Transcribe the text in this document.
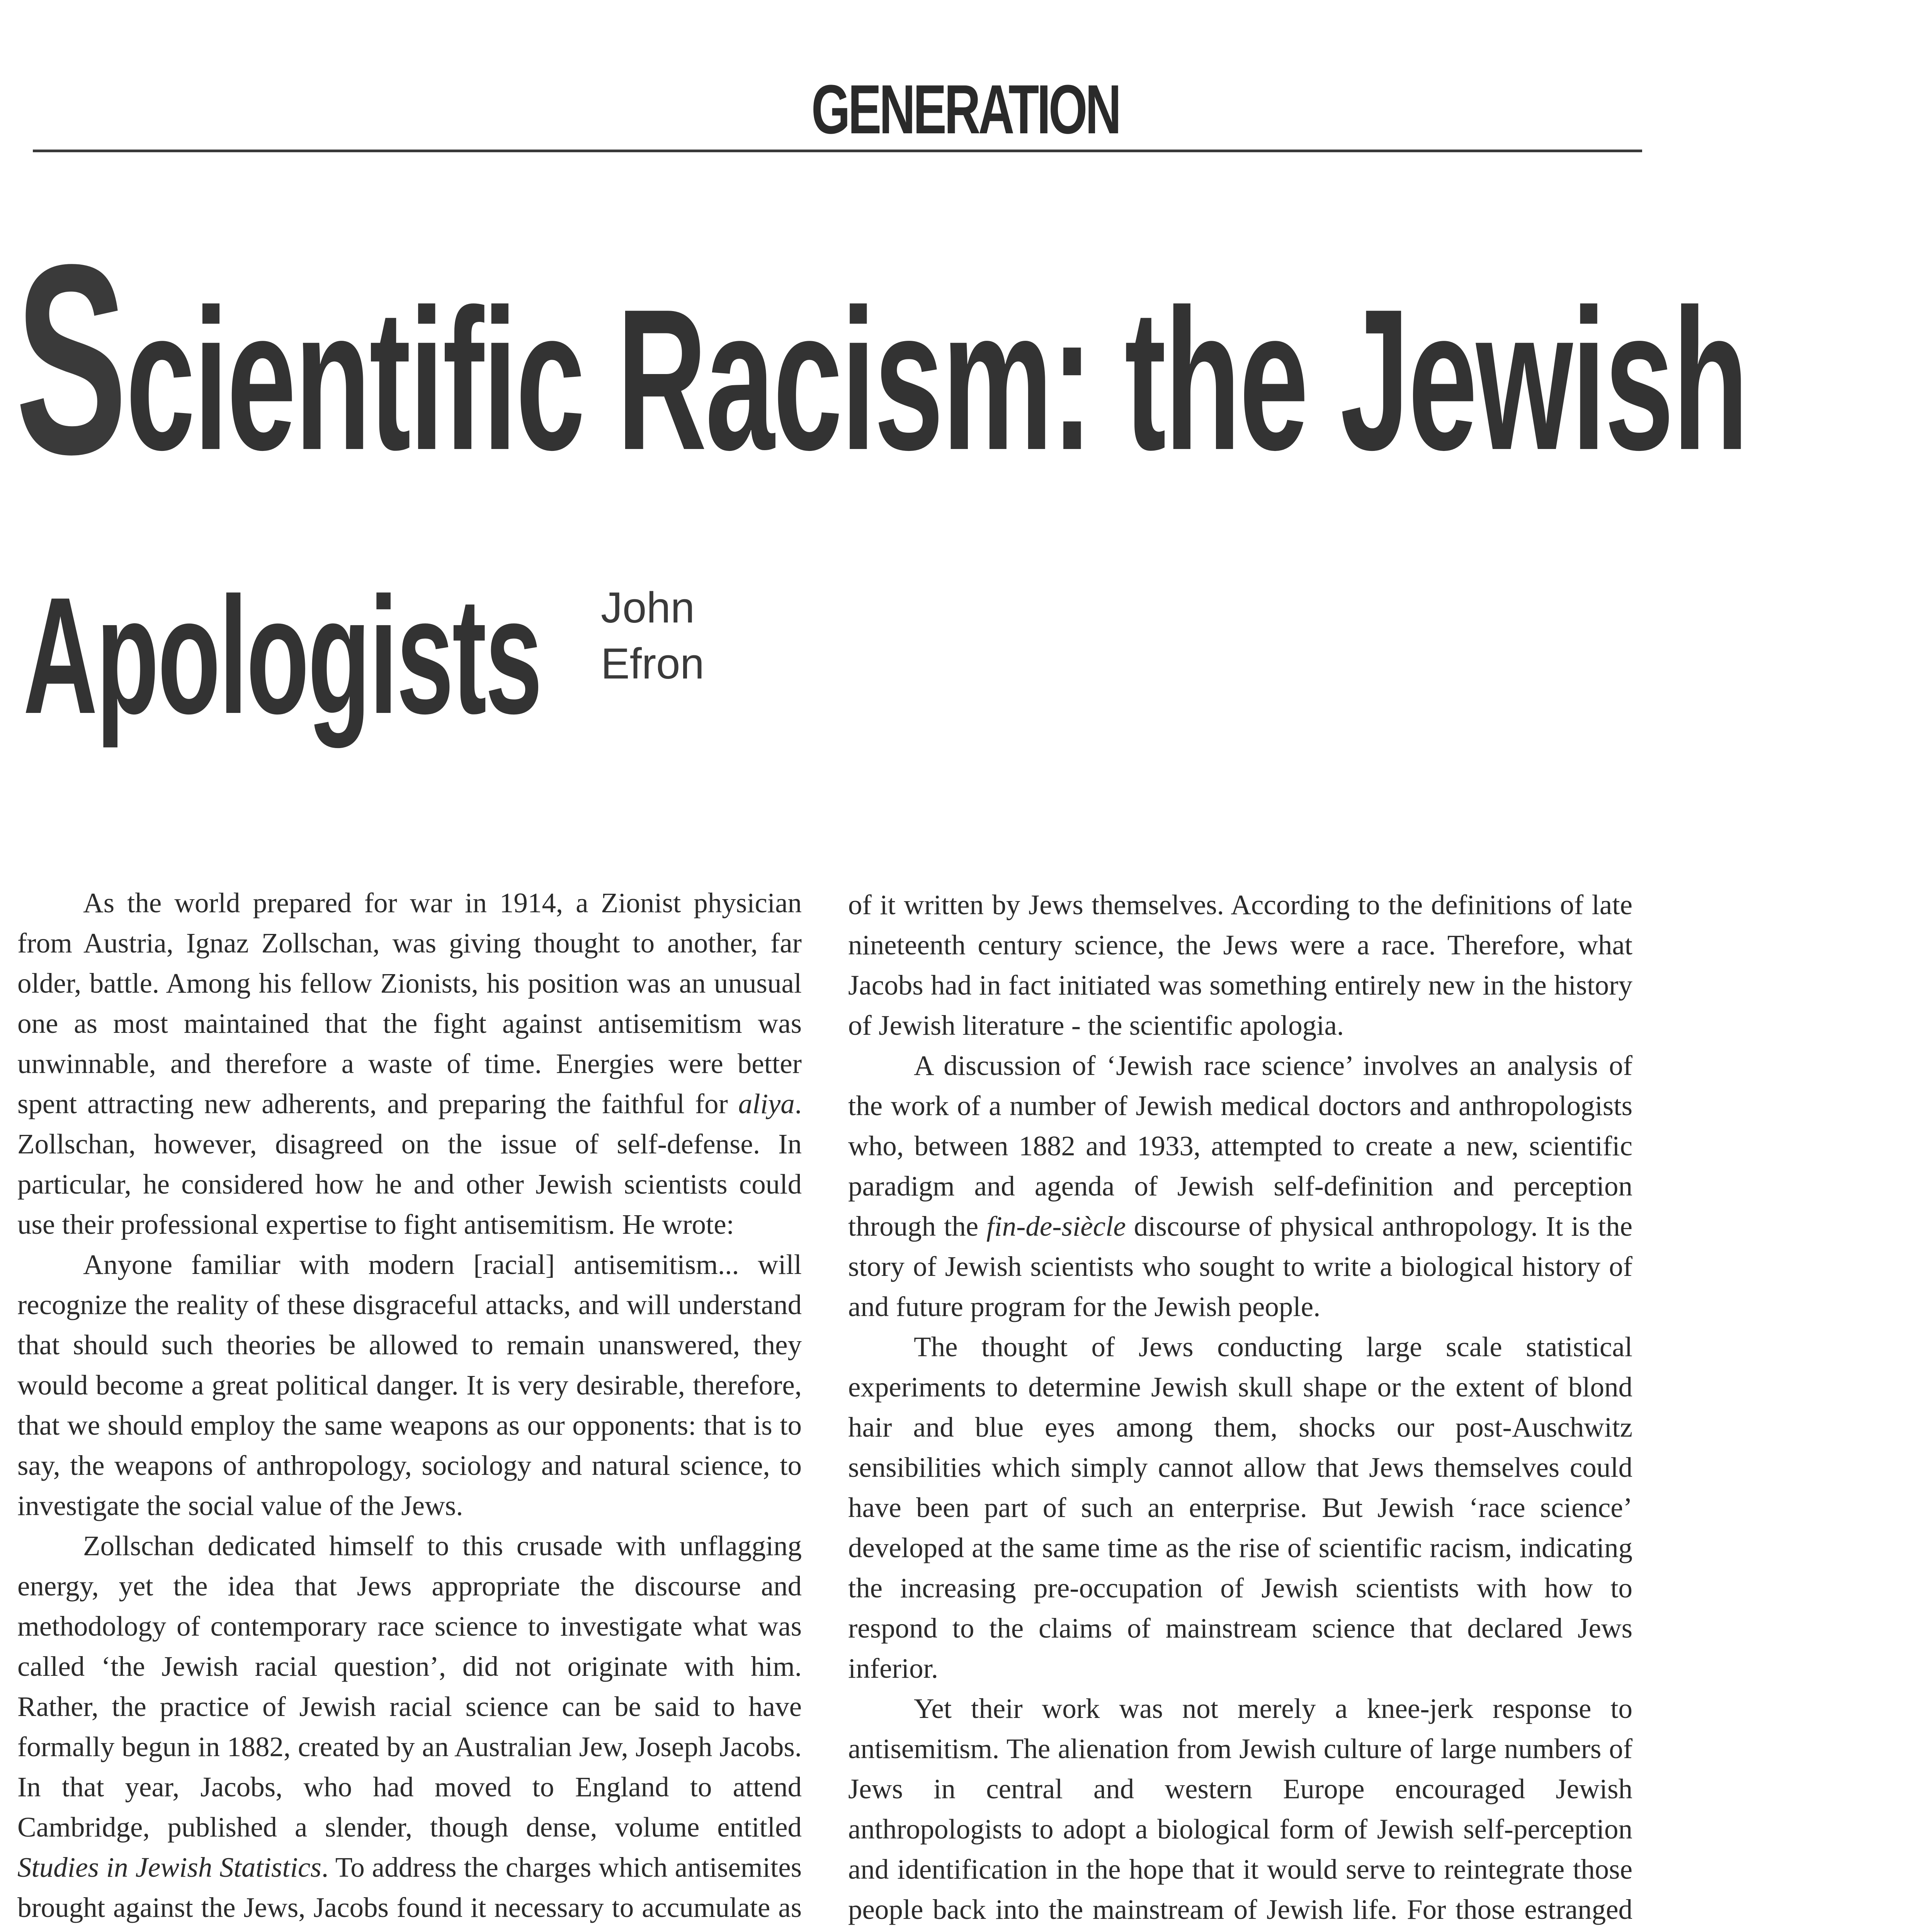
GENERATION
Scientific Racism: the Jewish
Apologists John
Efron

As the world prepared for war in 1914, a Zionist physician from Austria, Ignaz Zollschan, was giving thought to another, far older, battle. Among his fellow Zionists, his position was an unusual one as most maintained that the fight against antisemitism was unwinnable, and therefore a waste of time. Energies were better spent attracting new adherents, and preparing the faithful for aliya. Zollschan, however, disagreed on the issue of self-defense. In particular, he considered how he and other Jewish scientists could use their professional expertise to fight antisemitism. He wrote:

Anyone familiar with modern [racial] antisemitism... will recognize the reality of these disgraceful attacks, and will understand that should such theories be allowed to remain unanswered, they would become a great political danger. It is very desirable, therefore, that we should employ the same weapons as our opponents: that is to say, the weapons of anthropology, sociology and natural science, to investigate the social value of the Jews.

Zollschan dedicated himself to this crusade with unflagging energy, yet the idea that Jews appropriate the discourse and methodology of contemporary race science to investigate what was called ‘the Jewish racial question’, did not originate with him. Rather, the practice of Jewish racial science can be said to have formally begun in 1882, created by an Australian Jew, Joseph Jacobs. In that year, Jacobs, who had moved to England to attend Cambridge, published a slender, though dense, volume entitled Studies in Jewish Statistics. To address the charges which antisemites brought against the Jews, Jacobs found it necessary to accumulate as

of it written by Jews themselves. According to the definitions of late nineteenth century science, the Jews were a race. Therefore, what Jacobs had in fact initiated was something entirely new in the history of Jewish literature - the scientific apologia.

A discussion of ‘Jewish race science’ involves an analysis of the work of a number of Jewish medical doctors and anthropologists who, between 1882 and 1933, attempted to create a new, scientific paradigm and agenda of Jewish self-definition and perception through the fin-de-siècle discourse of physical anthropology. It is the story of Jewish scientists who sought to write a biological history of and future program for the Jewish people.

The thought of Jews conducting large scale statistical experiments to determine Jewish skull shape or the extent of blond hair and blue eyes among them, shocks our post-Auschwitz sensibilities which simply cannot allow that Jews themselves could have been part of such an enterprise. But Jewish ‘race science’ developed at the same time as the rise of scientific racism, indicating the increasing pre-occupation of Jewish scientists with how to respond to the claims of mainstream science that declared Jews inferior.

Yet their work was not merely a knee-jerk response to antisemitism. The alienation from Jewish culture of large numbers of Jews in central and western Europe encouraged Jewish anthropologists to adopt a biological form of Jewish self-perception and identification in the hope that it would serve to reintegrate those people back into the mainstream of Jewish life. For those estranged
